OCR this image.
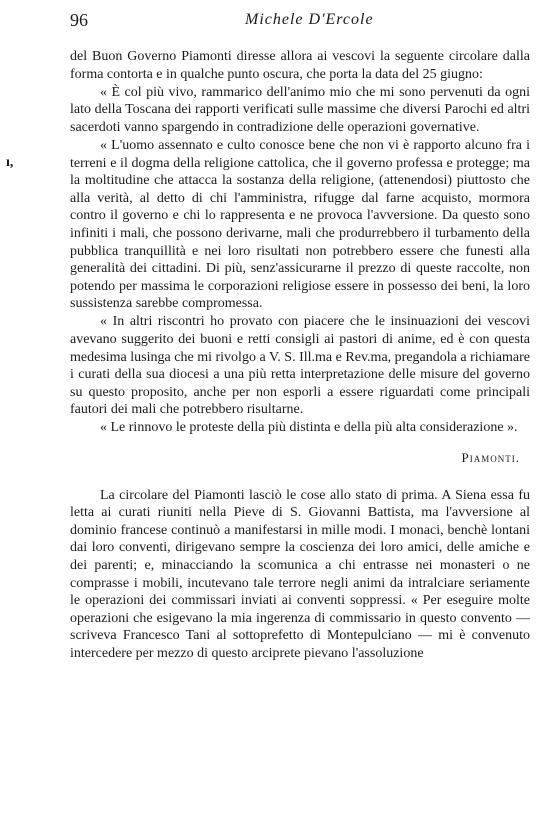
96	Michele D'Ercole
ı,

del Buon Governo Piamonti diresse allora ai vescovi la seguente circolare dalla forma contorta e in qualche punto oscura, che porta la data del 25 giugno:

« È col più vivo, rammarico dell'animo mio che mi sono pervenuti da ogni lato della Toscana dei rapporti verificati sulle massime che diversi Parochi ed altri sacerdoti vanno spargendo in contradizione delle operazioni governative.

« L'uomo assennato e culto conosce bene che non vi è rapporto alcuno fra i terreni e il dogma della religione cattolica, che il governo professa e protegge; ma la moltitudine che attacca la sostanza della religione, (attenendosi) piuttosto che alla verità, al detto di chi l'amministra, rifugge dal farne acquisto, mormora contro il governo e chi lo rappresenta e ne provoca l'avversione. Da questo sono infiniti i mali, che possono derivarne, mali che produrrebbero il turbamento della pubblica tranquillità e nei loro risultati non potrebbero essere che funesti alla generalità dei cittadini. Di più, senz'assicurarne il prezzo di queste raccolte, non potendo per massima le corporazioni religiose essere in possesso dei beni, la loro sussistenza sarebbe compromessa.

« In altri riscontri ho provato con piacere che le insinuazioni dei vescovi avevano suggerito dei buoni e retti consigli ai pastori di anime, ed è con questa medesima lusinga che mi rivolgo a V. S. Ill.ma e Rev.ma, pregandola a richiamare i curati della sua diocesi a una più retta interpretazione delle misure del governo su questo proposito, anche per non esporli a essere riguardati come principali fautori dei mali che potrebbero risultarne.

« Le rinnovo le proteste della più distinta e della più alta considerazione ».

Piamonti.

La circolare del Piamonti lasciò le cose allo stato di prima. A Siena essa fu letta ai curati riuniti nella Pieve di S. Giovanni Battista, ma l'avversione al dominio francese continuò a manifestarsi in mille modi. I monaci, benchè lontani dai loro conventi, dirigevano sempre la coscienza dei loro amici, delle amiche e dei parenti; e, minacciando la scomunica a chi entrasse nei monasteri o ne comprasse i mobili, incutevano tale terrore negli animi da intralciare seriamente le operazioni dei commissari inviati ai conventi soppressi. « Per eseguire molte operazioni che esigevano la mia ingerenza di commissario in questo convento — scriveva Francesco Tani al sottoprefetto di Montepulciano — mi è convenuto intercedere per mezzo di questo arciprete pievano l'assoluzione
